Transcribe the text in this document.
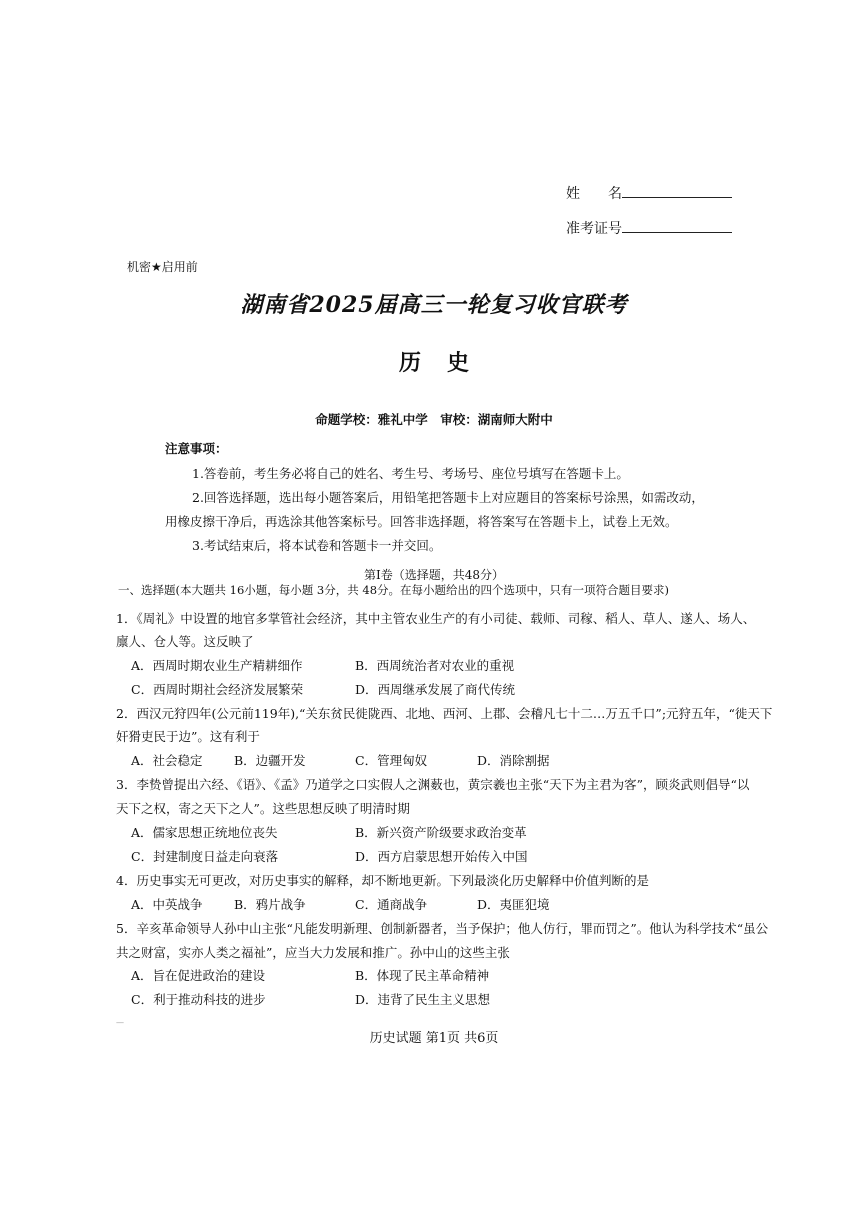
姓　　名
准考证号
机密★启用前
湖南省2025届高三一轮复习收官联考
历史
命题学校：雅礼中学　审校：湖南师大附中
注意事项：
1.答卷前，考生务必将自己的姓名、考生号、考场号、座位号填写在答题卡上。
2.回答选择题，选出每小题答案后，用铅笔把答题卡上对应题目的答案标号涂黑，如需改动，
用橡皮擦干净后，再选涂其他答案标号。回答非选择题，将答案写在答题卡上，试卷上无效。
3.考试结束后，将本试卷和答题卡一并交回。
第Ⅰ卷（选择题，共48分）
一、选择题(本大题共 16小题，每小题 3分，共 48分。在每小题给出的四个选项中，只有一项符合题目要求)
1．《周礼》中设置的地官多掌管社会经济，其中主管农业生产的有小司徒、载师、司稼、稻人、草人、遂人、场人、
廪人、仓人等。这反映了
A．西周时期农业生产精耕细作	B．西周统治者对农业的重视
C．西周时期社会经济发展繁荣	D．西周继承发展了商代传统
2．西汉元狩四年(公元前119年),“关东贫民徙陇西、北地、西河、上郡、会稽凡七十二…万五千口”;元狩五年，“徙天下
奸猾吏民于边”。这有利于
A．社会稳定	B．边疆开发	C．管理匈奴	D．消除割据
3．李贽曾提出六经、《语》、《孟》乃道学之口实假人之渊薮也，黄宗羲也主张“天下为主君为客”，顾炎武则倡导“以
天下之权，寄之天下之人”。这些思想反映了明清时期
A．儒家思想正统地位丧失	B．新兴资产阶级要求政治变革
C．封建制度日益走向衰落	D．西方启蒙思想开始传入中国
4．历史事实无可更改，对历史事实的解释，却不断地更新。下列最淡化历史解释中价值判断的是
A．中英战争	B．鸦片战争	C．通商战争	D．夷匪犯境
5．辛亥革命领导人孙中山主张“凡能发明新理、创制新器者，当予保护；他人仿行，罪而罚之”。他认为科学技术“虽公
共之财富，实亦人类之福祉”，应当大力发展和推广。孙中山的这些主张
A．旨在促进政治的建设	B．体现了民主革命精神
C．利于推动科技的进步	D．违背了民生主义思想
—
历史试题 第1页 共6页
